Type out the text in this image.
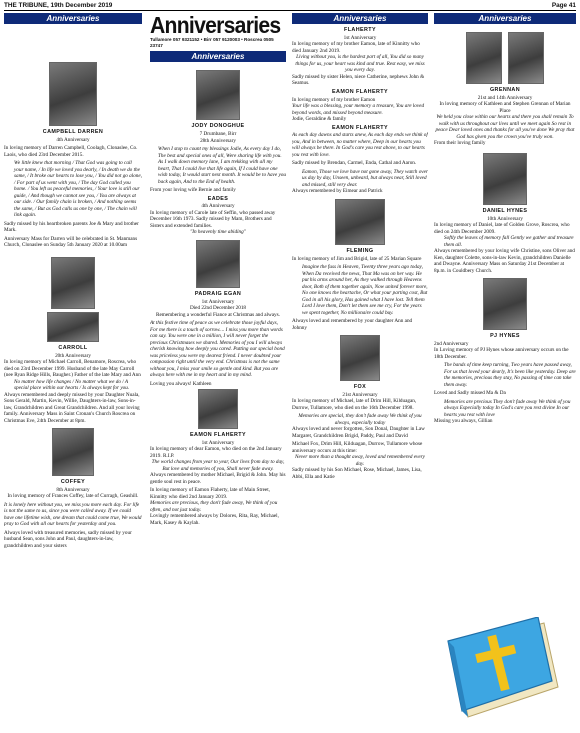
THE TRIBUNE, 19th December 2019	Page 41
Anniversaries
CAMPBELL DARREN
4th Anniversary
In loving memory of Darren Campbell, Coolagh, Clonaslee, Co. Laois, who died 23rd December 2015.
We little knew that morning / That God was going to call your name, / In life we loved you dearly, / In death we do the same, / It broke our hearts to lose you, / You did not go alone, / For part of us went with you, / The day God called you home. / You left us peaceful memories, / Your love is still our guide, / And though we cannot see you, / You are always at our side. / Our family chain is broken, / And nothing seems the same, / But as God calls us one by one, / The chain will link again.
Sadly missed by his heartbroken parents Joe & Mary and brother Mark.
Anniversary Mass for Darren will be celebrated in St. Manmans Church, Clonaslee on Sunday 5th January 2020 at 10.00am
CARROLL
20th Anniversary
In loving memory of Michael Carroll, Benamore, Roscrea, who died on 23rd December 1999. Husband of the late May Carroll (nee Ryan Ridge Hills, Baugher.) Father of the late Mary and Ann
No matter how life changes / No matter what we do / A special place within our hearts / Is always kept for you.
Always remembered and deeply missed by your Daughter Nuala, Sons Gerald, Martin, Kevin, Willie, Daughters-in-law, Sons-in-law, Grandchildren and Great Grandchildren. And all your loving family. Anniversary Mass in Saint Cronan's Church Roscrea on Christmas Eve, 24th December at 8pm.
COFFEY
8th Anniversary
In loving memory of Frances Coffey, late of Curragh, Geashill.
It is lonely here without you, we miss you more each day. For life is not the same to us, since you were called away. If we could have one lifetime wish, one dream that could come true, We would pray to God with all our hearts for yesterday and you.
Always loved with treasured memories, sadly missed by your husband Sean, sons John and Paul, daughters-in-law, grandchildren and your sisters
Anniversaries
Tullamore 057 9321152 • Birr 057 9120003 • Roscrea 0505 23747
Anniversaries
JODY DONOGHUE
7 Drumbane, Birr
28th Anniversary
When I stop to count my blessings Jodie, As every day I do, The best and special ones of all, Were sharing life with you. As I walk down memory lane, I am trekking with all my heart, That I could live that life again, If I could have one wish today, It would start next month. It would be to have you back again, And to the End of health.
From your loving wife Bernie and family
EADES
4th Anniversary
In loving memory of Carole late of Seffin, who passed away December 16th 1973. Sadly missed by Mam, Brothers and Sisters and extended families.
"In heavenly time abiding"
PADRAIG EGAN
1st Anniversary
Died 22nd December 2018
Remembering a wonderful Fiance at Christmas and always.
At this festive time of peace as we celebrate those joyful days, For me there is a touch of sorrow.... I miss you more than words can say. You were one in a million, I will never forget the precious Christmases we shared. Memories of you I will always cherish knowing how deeply you cared. Putting our special bond was priceless you were my dearest friend. I never doubted your compassion right until the very end. Christmas is not the same without you, I miss your smile so gentle and kind. But you are always here with me in my heart and in my mind.
Loving you always! Kathleen
EAMON FLAHERTY
1st Anniversary
In loving memory of dear Eamon, who died on the 2nd January 2019. R.I.P.
The world changes from year to year, Our lives from day to day, But love and memories of you, Shall never fade away.
Always remembered by mother Michael, Brigid & John. May his gentle soul rest in peace.
In loving memory of Eamon Flaherty, late of Main Street, Kinnitty who died 2nd January 2019.
Memories are precious, they don't fade away, We think of you often, and not just today.
Lovingly remembered always by Dolores, Rita, Ray, Michael, Mark, Kasey & Kaylah.
Anniversaries
FLAHERTY
1st Anniversary
In loving memory of my brother Eamon, late of Kinnitty who died January 2nd 2019.
Living without you, is the hardest part of all, You did so many things for us, your heart was kind and true. Rest easy, we miss you every day.
Sadly missed by sister Helen, niece Catherine, nephews John & Seamus.
EAMON FLAHERTY
In loving memory of my brother Eamon
Your life was a blessing, your memory a treasure, You are loved beyond words, and missed beyond measure.
Jodie, Geraldine & family
EAMON FLAHERTY
As each day dawns and starts anew, As each day ends we think of you, And in between, no matter where, Deep in our hearts you will always be there. In God's care you rest above, to our hearts you rest with love.
Sadly missed by Brendan, Carmel, Enda, Cathal and Aaron.
Eamon, Those we love have not gone away, They watch over us day by day, Unseen, unheard, but always near, Still loved and missed, still very dear.
Always remembered by Eimear and Patrick
FLEMING
In loving memory of Jim and Brigid, late of 25 Marian Square
Imagine the fuss in Heaven, Twenty three years ago today, When Da received the news, That Ma was on her way. He put his arms around her, As they walked through Heavens door, Both of them together again, Now united forever more, No one knows the heartache, Or what your parting cost, But God in all his glory, Has gained what I have lost. Tell them Lord I love them, Don't let them see me cry, For the years we spent together, No millionaire could buy.
Always loved and remembered by your daughter Ann and Johnny
FOX
21st Anniversary
In loving memory of Michael, late of Drim Hill, Kilduagan, Durrow, Tullamore, who died on the 16th December 1998.
Memories are special, they don't fade away We think of you always, especially today
Always loved and never forgotten, Son Donal, Daughter in Law Margaret, Grandchildren Brigid, Paddy, Paul and David
Michael Fox, Drim Hill, Kilduagan, Durrow, Tullamore whose anniversary occurs at this time:
Never more than a thought away, loved and remembered every day.
Sadly missed by his Son Michael, Rose, Michael, James, Lisa, Abbi, Ella and Katie
Anniversaries
GRENNAN
21st and 14th Anniversary
In loving memory of Kathleen and Stephen Grennan of Marian Place
We held you close within our hearts and there you shall remain To walk with us throughout our lives until we meet again So rest in peace Dear loved ones and thanks for all you've done We pray that God has given you the crown you've truly won.
From their loving family
DANIEL HYNES
10th Anniversary
In loving memory of Daniel, late of Golden Grove, Roscrea, who died on 24th December 2009.
Softly the leaves of memory fall Gently we gather and treasure them all.
Always remembered by your loving wife Christine, sons Oliver and Ken, daughter Colette, sons-in-law Kevin, grandchildren Danielle and Dwayne. Anniversary Mass on Saturday 21st December at 8p.m. in Couldbery Church.
PJ HYNES
2nd Anniversary
In Loving memory of PJ Hynes whose anniversary occurs on the 18th December.
The bands of time keep turning, Two years have passed away, For us that loved your dearly, It's been like yesterday. Deep are the memories, precious they stay, No passing of time can take them away.
Loved and Sadly missed Ma & Da
Memories are precious They don't fade away We think of you always Especially today In God's care you rest divine In our hearts you rest with love
Missing you always, Gillian
